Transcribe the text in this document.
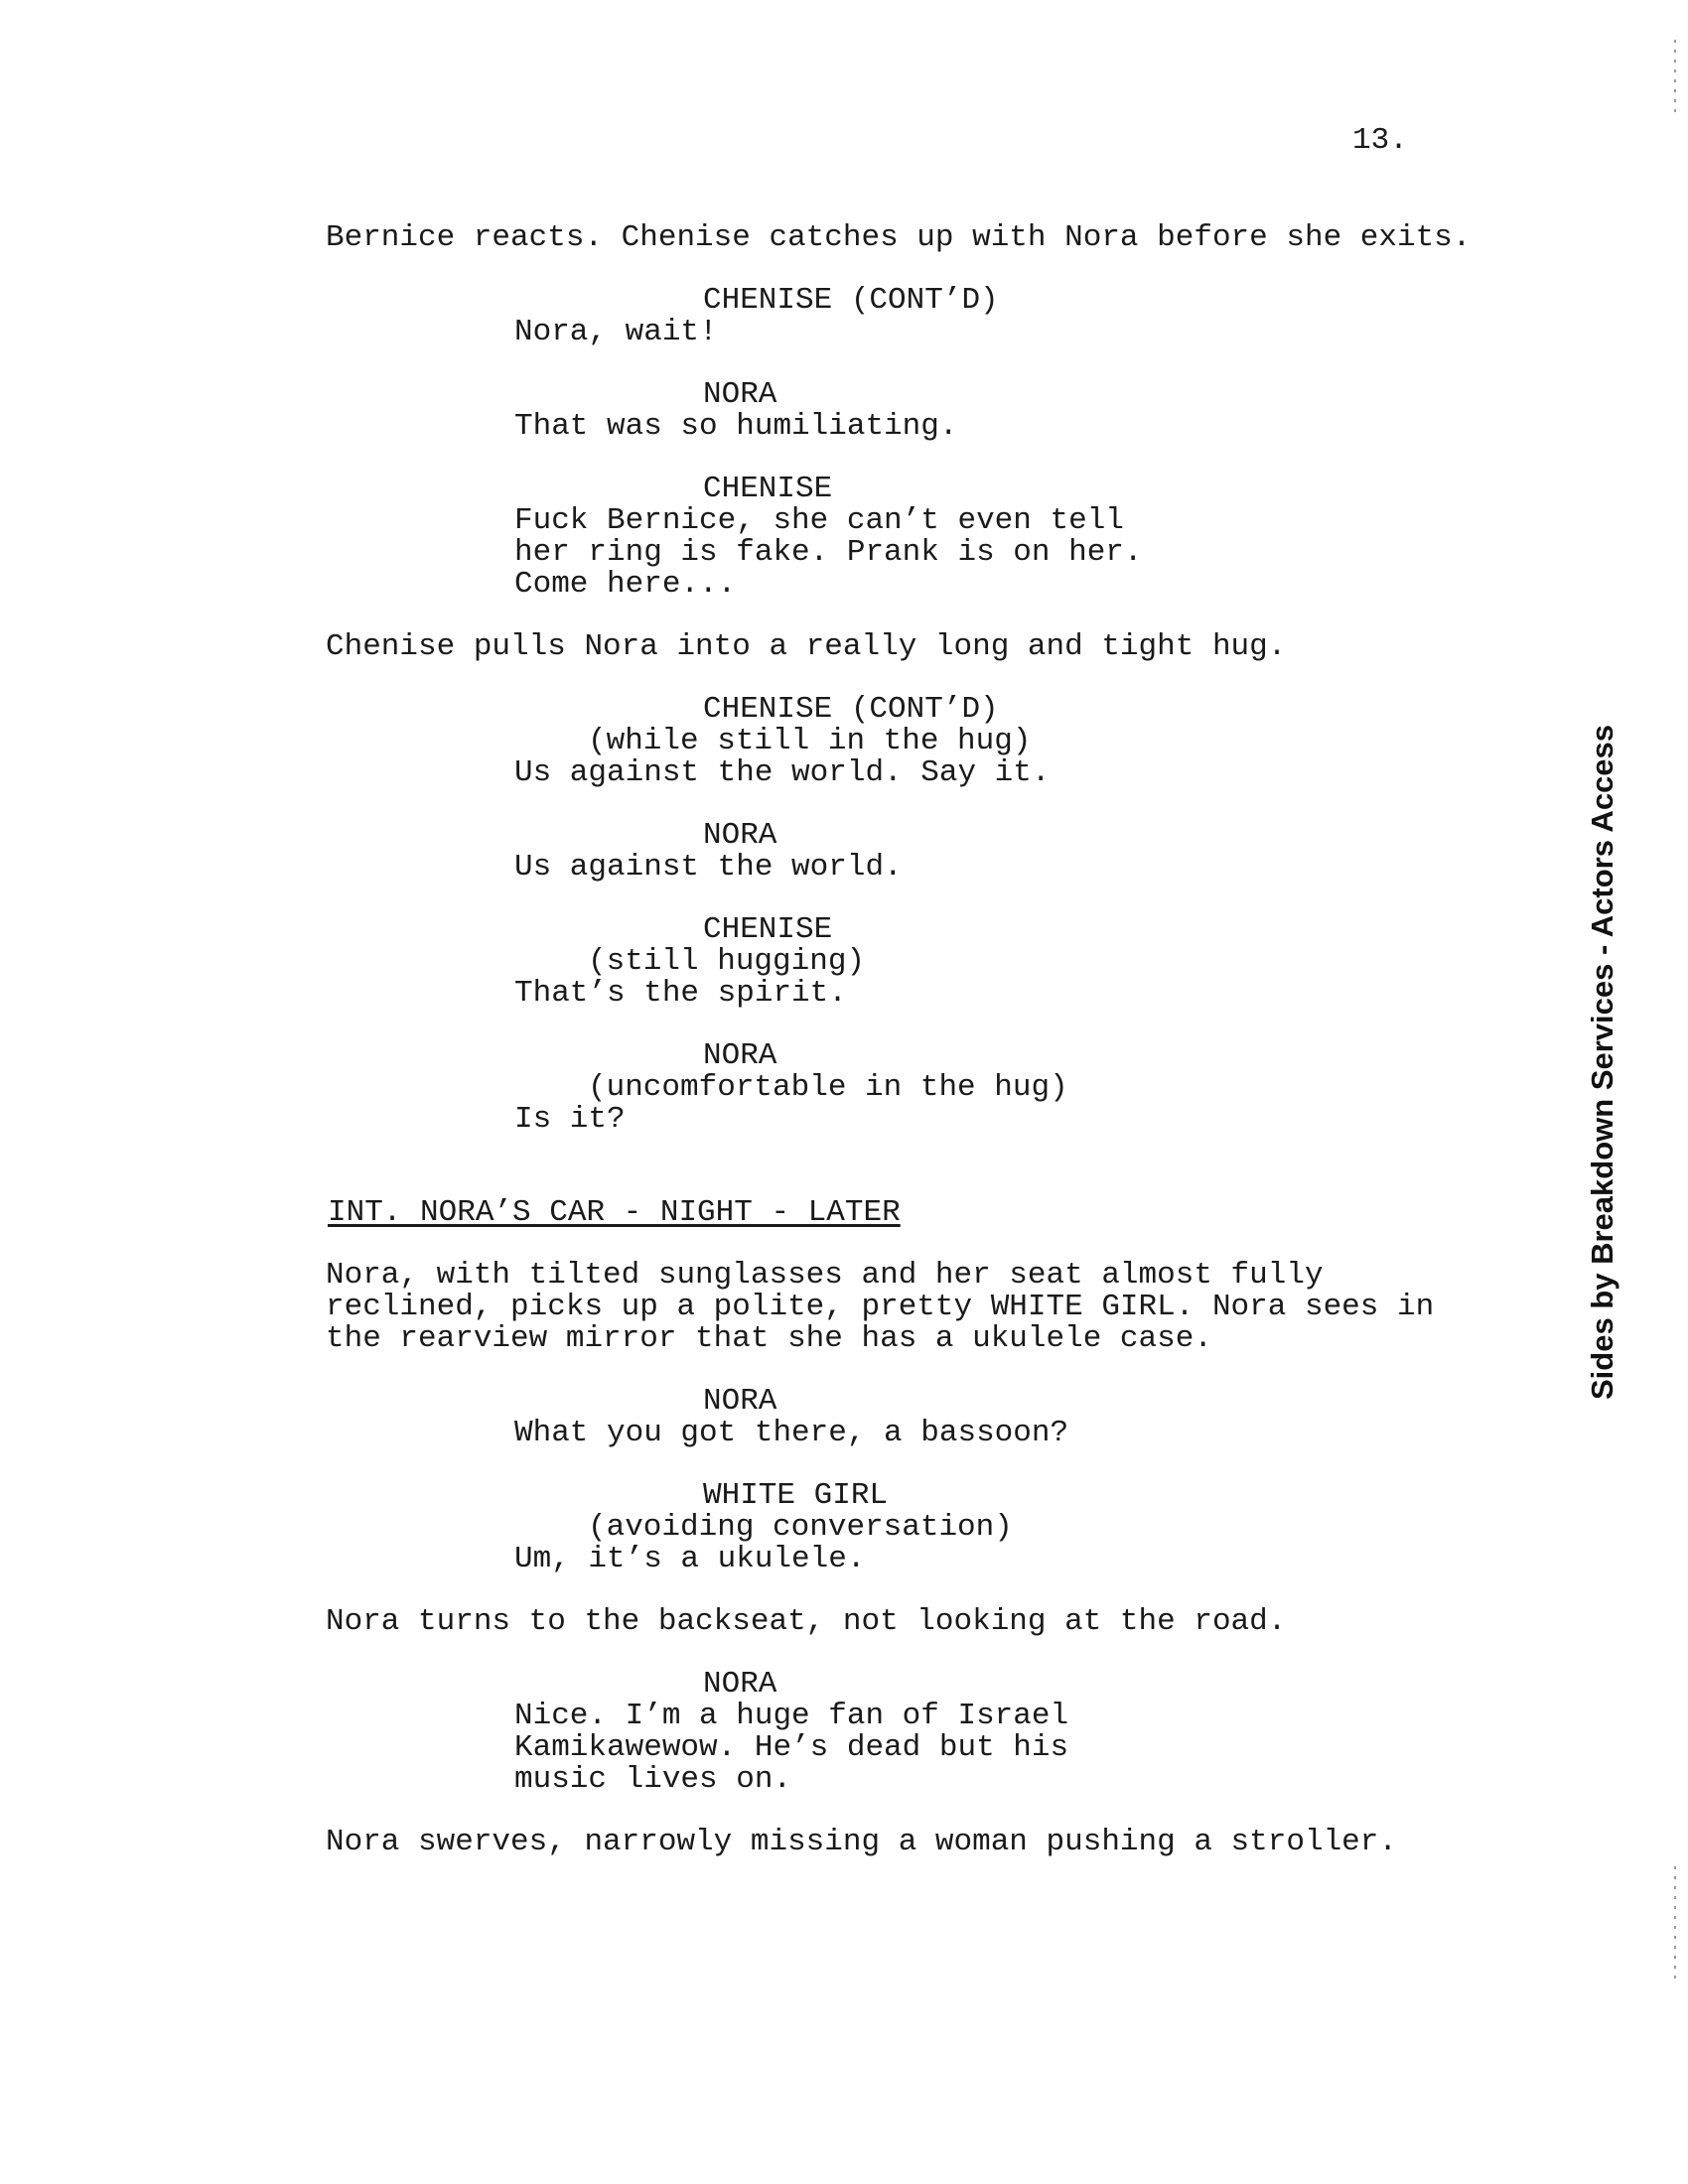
13.
Bernice reacts. Chenise catches up with Nora before she exits.
CHENISE (CONT’D)
Nora, wait!
NORA
That was so humiliating.
CHENISE
Fuck Bernice, she can’t even tell
her ring is fake. Prank is on her.
Come here...
Chenise pulls Nora into a really long and tight hug.
CHENISE (CONT’D)
(while still in the hug)
Us against the world. Say it.
NORA
Us against the world.
CHENISE
(still hugging)
That’s the spirit.
NORA
(uncomfortable in the hug)
Is it?
INT. NORA’S CAR - NIGHT - LATER
Nora, with tilted sunglasses and her seat almost fully
reclined, picks up a polite, pretty WHITE GIRL. Nora sees in
the rearview mirror that she has a ukulele case.
NORA
What you got there, a bassoon?
WHITE GIRL
(avoiding conversation)
Um, it’s a ukulele.
Nora turns to the backseat, not looking at the road.
NORA
Nice. I’m a huge fan of Israel
Kamikawewow. He’s dead but his
music lives on.
Nora swerves, narrowly missing a woman pushing a stroller.
Sides by Breakdown Services - Actors Access
